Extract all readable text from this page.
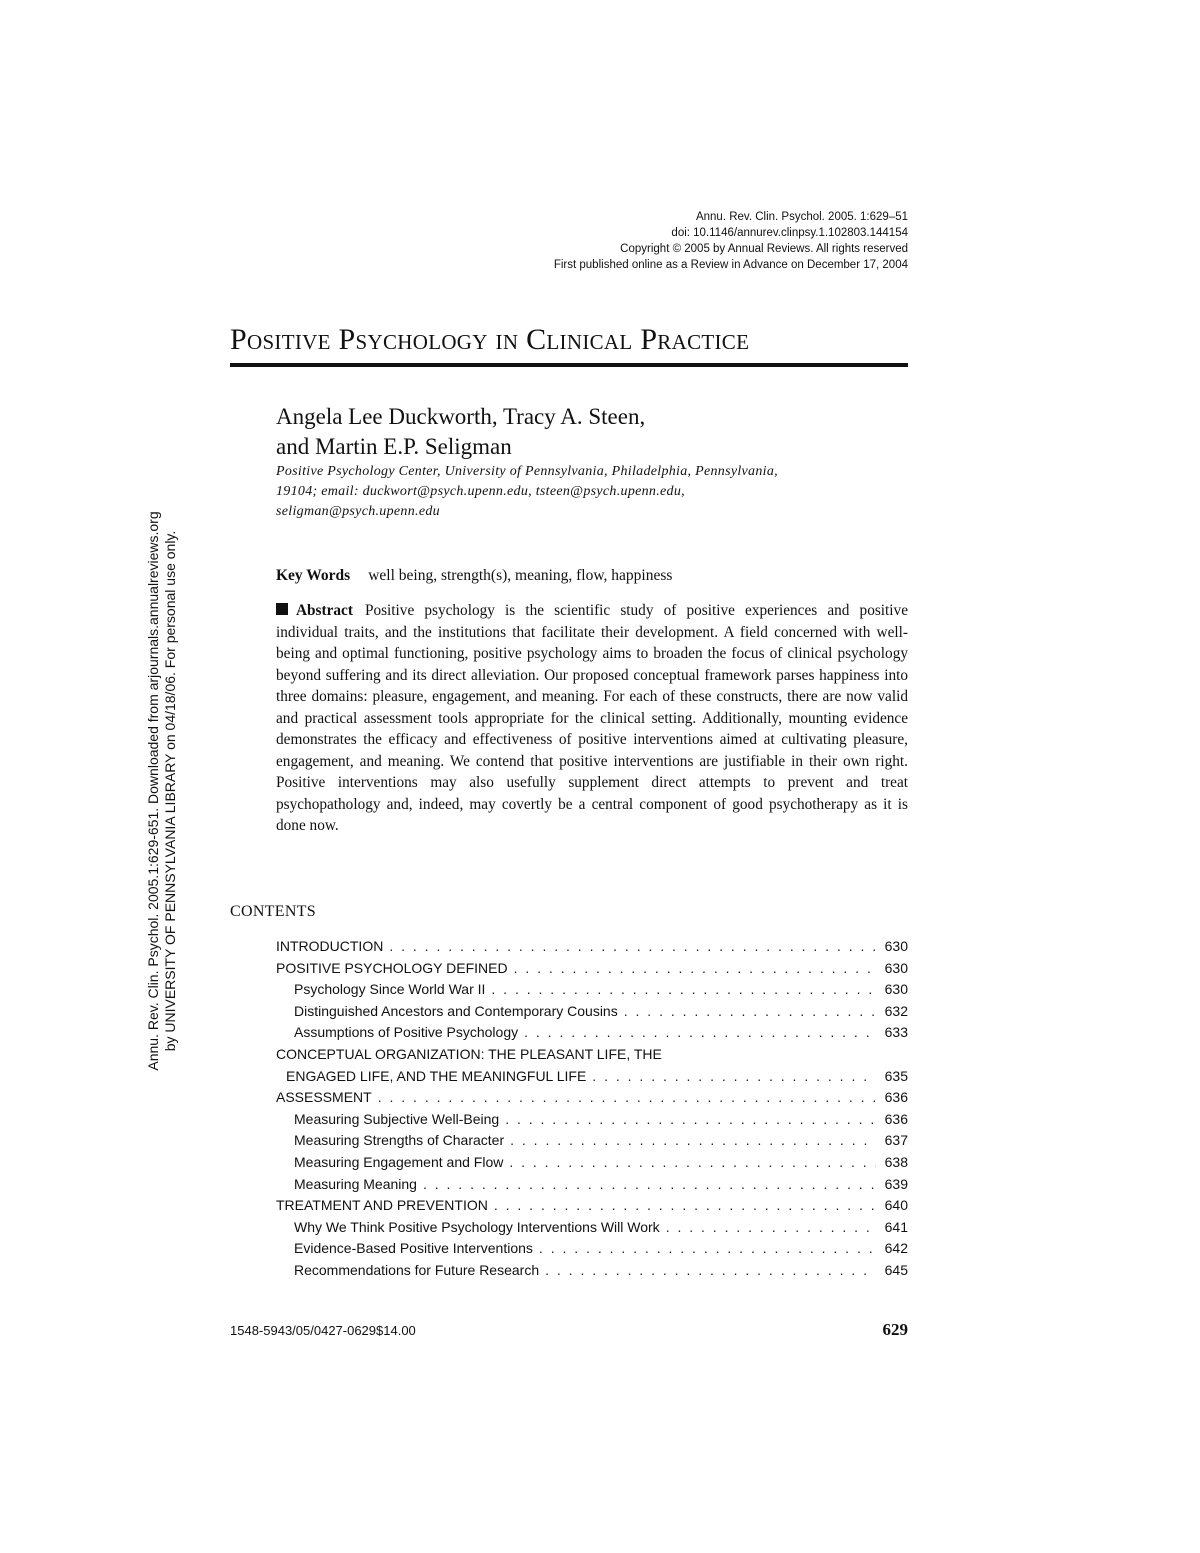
Annu. Rev. Clin. Psychol. 2005.1:629-651. Downloaded from arjournals.annualreviews.org by UNIVERSITY OF PENNSYLVANIA LIBRARY on 04/18/06. For personal use only.
Annu. Rev. Clin. Psychol. 2005. 1:629–51
doi: 10.1146/annurev.clinpsy.1.102803.144154
Copyright © 2005 by Annual Reviews. All rights reserved
First published online as a Review in Advance on December 17, 2004
Positive Psychology in Clinical Practice
Angela Lee Duckworth, Tracy A. Steen,
and Martin E.P. Seligman
Positive Psychology Center, University of Pennsylvania, Philadelphia, Pennsylvania,
19104; email: duckwort@psych.upenn.edu, tsteen@psych.upenn.edu,
seligman@psych.upenn.edu
Key Words well being, strength(s), meaning, flow, happiness
Abstract Positive psychology is the scientific study of positive experiences and positive individual traits, and the institutions that facilitate their development. A field concerned with well-being and optimal functioning, positive psychology aims to broaden the focus of clinical psychology beyond suffering and its direct alleviation. Our proposed conceptual framework parses happiness into three domains: pleasure, engagement, and meaning. For each of these constructs, there are now valid and practical assessment tools appropriate for the clinical setting. Additionally, mounting evidence demonstrates the efficacy and effectiveness of positive interventions aimed at cultivating pleasure, engagement, and meaning. We contend that positive interventions are justifiable in their own right. Positive interventions may also usefully supplement direct attempts to prevent and treat psychopathology and, indeed, may covertly be a central component of good psychotherapy as it is done now.
CONTENTS
INTRODUCTION . . .	630
POSITIVE PSYCHOLOGY DEFINED . . .	630
Psychology Since World War II . . .	630
Distinguished Ancestors and Contemporary Cousins . . .	632
Assumptions of Positive Psychology . . .	633
CONCEPTUAL ORGANIZATION: THE PLEASANT LIFE, THE
ENGAGED LIFE, AND THE MEANINGFUL LIFE . . .	635
ASSESSMENT . . .	636
Measuring Subjective Well-Being . . .	636
Measuring Strengths of Character . . .	637
Measuring Engagement and Flow . . .	638
Measuring Meaning . . .	639
TREATMENT AND PREVENTION . . .	640
Why We Think Positive Psychology Interventions Will Work . . .	641
Evidence-Based Positive Interventions . . .	642
Recommendations for Future Research . . .	645
1548-5943/05/0427-0629$14.00	629
